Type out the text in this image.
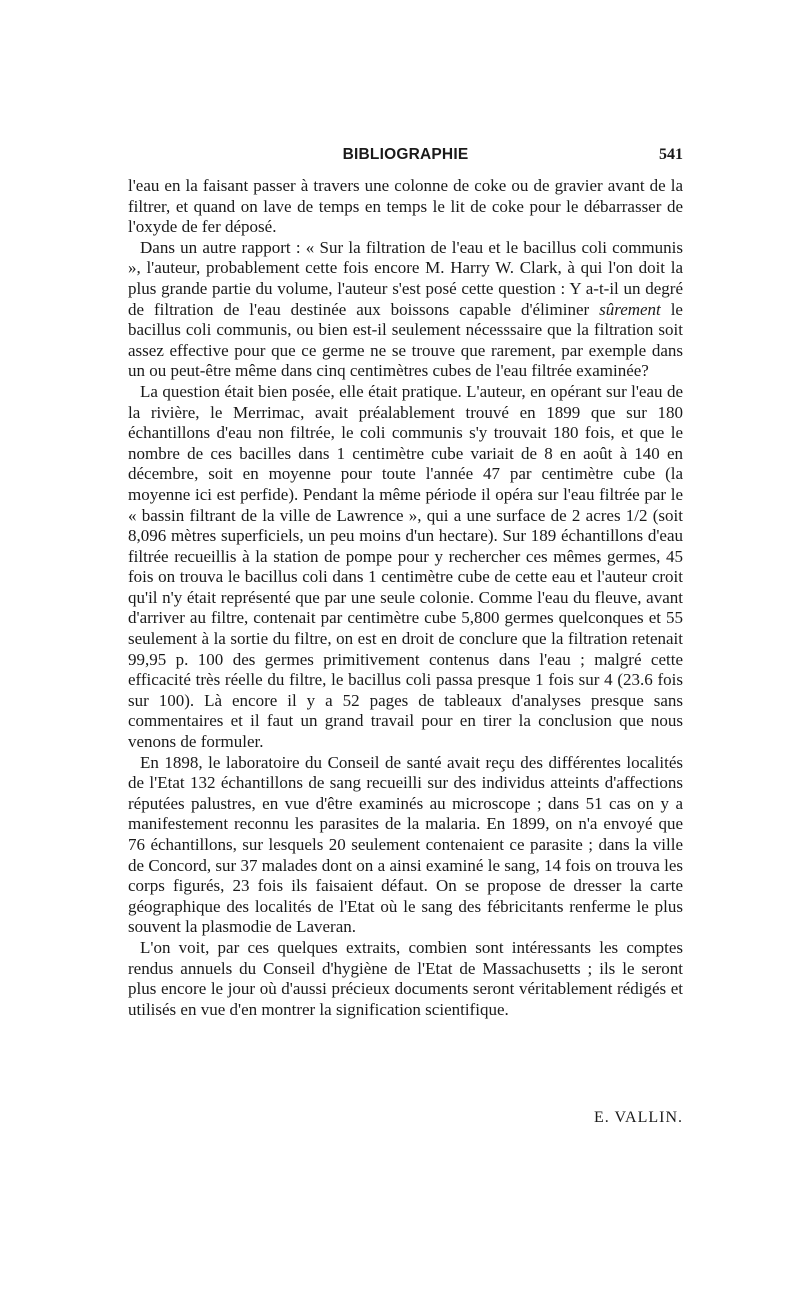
BIBLIOGRAPHIE	541

l'eau en la faisant passer à travers une colonne de coke ou de gravier avant de la filtrer, et quand on lave de temps en temps le lit de coke pour le débarrasser de l'oxyde de fer déposé.

Dans un autre rapport : « Sur la filtration de l'eau et le bacillus coli communis », l'auteur, probablement cette fois encore M. Harry W. Clark, à qui l'on doit la plus grande partie du volume, l'auteur s'est posé cette question : Y a-t-il un degré de filtration de l'eau destinée aux boissons capable d'éliminer sûrement le bacillus coli communis, ou bien est-il seulement nécesssaire que la filtration soit assez effective pour que ce germe ne se trouve que rarement, par exemple dans un ou peut-être même dans cinq centimètres cubes de l'eau filtrée examinée?

La question était bien posée, elle était pratique. L'auteur, en opérant sur l'eau de la rivière, le Merrimac, avait préalablement trouvé en 1899 que sur 180 échantillons d'eau non filtrée, le coli communis s'y trouvait 180 fois, et que le nombre de ces bacilles dans 1 centimètre cube variait de 8 en août à 140 en décembre, soit en moyenne pour toute l'année 47 par centimètre cube (la moyenne ici est perfide). Pendant la même période il opéra sur l'eau filtrée par le « bassin filtrant de la ville de Lawrence », qui a une surface de 2 acres 1/2 (soit 8,096 mètres superficiels, un peu moins d'un hectare). Sur 189 échantillons d'eau filtrée recueillis à la station de pompe pour y rechercher ces mêmes germes, 45 fois on trouva le bacillus coli dans 1 centimètre cube de cette eau et l'auteur croit qu'il n'y était représenté que par une seule colonie. Comme l'eau du fleuve, avant d'arriver au filtre, contenait par centimètre cube 5,800 germes quelconques et 55 seulement à la sortie du filtre, on est en droit de conclure que la filtration retenait 99,95 p. 100 des germes primitivement contenus dans l'eau ; malgré cette efficacité très réelle du filtre, le bacillus coli passa presque 1 fois sur 4 (23.6 fois sur 100). Là encore il y a 52 pages de tableaux d'analyses presque sans commentaires et il faut un grand travail pour en tirer la conclusion que nous venons de formuler.

En 1898, le laboratoire du Conseil de santé avait reçu des différentes localités de l'Etat 132 échantillons de sang recueilli sur des individus atteints d'affections réputées palustres, en vue d'être examinés au microscope ; dans 51 cas on y a manifestement reconnu les parasites de la malaria. En 1899, on n'a envoyé que 76 échantillons, sur lesquels 20 seulement contenaient ce parasite ; dans la ville de Concord, sur 37 malades dont on a ainsi examiné le sang, 14 fois on trouva les corps figurés, 23 fois ils faisaient défaut. On se propose de dresser la carte géographique des localités de l'Etat où le sang des fébricitants renferme le plus souvent la plasmodie de Laveran.

L'on voit, par ces quelques extraits, combien sont intéressants les comptes rendus annuels du Conseil d'hygiène de l'Etat de Massachusetts ; ils le seront plus encore le jour où d'aussi précieux documents seront véritablement rédigés et utilisés en vue d'en montrer la signification scientifique.

E. VALLIN.
